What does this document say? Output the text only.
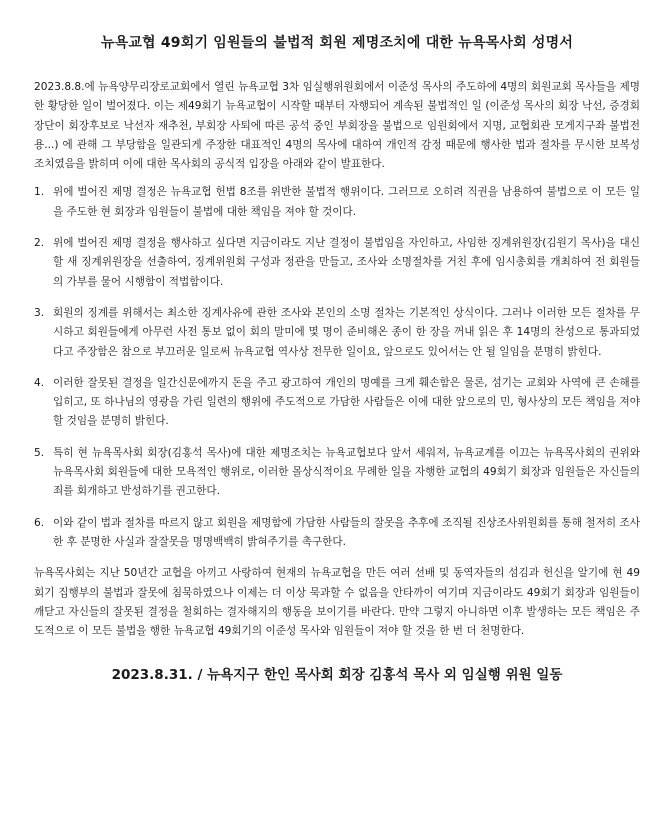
뉴욕교협 49회기 임원들의 불법적 회원 제명조치에 대한 뉴욕목사회 성명서

2023.8.8.에 뉴욕양무리장로교회에서 열린 뉴욕교협 3차 임실행위원회에서 이준성 목사의 주도하에 4명의 회원교회 목사들을 제명한 황당한 일이 벌어졌다. 이는 제49회기 뉴욕교협이 시작할 때부터 자행되어 계속된 불법적인 일 (이준성 목사의 회장 낙선, 증경회장단이 회장후보로 낙선자 재추천, 부회장 사퇴에 따른 공석 중인 부회장을 불법으로 임원회에서 지명, 교협회관 모게지구좌 불법전용...) 에 관해 그 부당함을 일관되게 주장한 대표적인 4명의 목사에 대하여 개인적 감정 때문에 행사한 법과 절차를 무시한 보복성 조치였음을 밝히며 이에 대한 목사회의 공식적 입장을 아래와 같이 발표한다.

1. 위에 벌어진 제명 결정은 뉴욕교협 헌법 8조를 위반한 불법적 행위이다. 그러므로 오히려 직권을 남용하여 불법으로 이 모든 일을 주도한 현 회장과 임원들이 불법에 대한 책임을 져야 할 것이다.
2. 위에 벌어진 제명 결정을 행사하고 싶다면 지금이라도 지난 결정이 불법임을 자인하고, 사임한 징계위원장(김원기 목사)을 대신할 새 징계위원장을 선출하여, 징계위원회 구성과 정관을 만들고, 조사와 소명절차를 거친 후에 임시총회를 개최하여 전 회원들의 가부를 물어 시행함이 적법함이다.
3. 회원의 징계를 위해서는 최소한 징계사유에 관한 조사와 본인의 소명 절차는 기본적인 상식이다. 그러나 이러한 모든 절차를 무시하고 회원들에게 아무런 사전 통보 없이 회의 말미에 몇 명이 준비해온 종이 한 장을 꺼내 읽은 후 14명의 찬성으로 통과되었다고 주장함은 참으로 부끄러운 일로써 뉴욕교협 역사상 전무한 일이요, 앞으로도 있어서는 안 될 일임을 분명히 밝힌다.
4. 이러한 잘못된 결정을 일간신문에까지 돈을 주고 광고하여 개인의 명예를 크게 훼손함은 물론, 섬기는 교회와 사역에 큰 손해를 입히고, 또 하나님의 영광을 가린 일련의 행위에 주도적으로 가담한 사람들은 이에 대한 앞으로의 민, 형사상의 모든 책임을 져야 할 것임을 분명히 밝힌다.
5. 특히 현 뉴욕목사회 회장(김홍석 목사)에 대한 제명조치는 뉴욕교협보다 앞서 세워져, 뉴욕교계를 이끄는 뉴욕목사회의 권위와 뉴욕목사회 회원들에 대한 모욕적인 행위로, 이러한 몰상식적이요 무례한 일을 자행한 교협의 49회기 회장과 임원들은 자신들의 죄를 회개하고 반성하기를 권고한다.
6. 이와 같이 법과 절차를 따르지 않고 회원을 제명함에 가담한 사람들의 잘못을 추후에 조직될 진상조사위원회를 통해 철저히 조사한 후 분명한 사실과 잘잘못을 명명백백히 밝혀주기를 촉구한다.

뉴욕목사회는 지난 50년간 교협을 아끼고 사랑하여 현재의 뉴욕교협을 만든 여러 선배 및 동역자들의 섬김과 헌신을 알기에 현 49회기 집행부의 불법과 잘못에 침묵하였으나 이제는 더 이상 묵과할 수 없음을 안타까이 여기며 지금이라도 49회기 회장과 임원들이 깨닫고 자신들의 잘못된 결정을 철회하는 결자해지의 행동을 보이기를 바란다. 만약 그렇지 아니하면 이후 발생하는 모든 책임은 주도적으로 이 모든 불법을 행한 뉴욕교협 49회기의 이준성 목사와 임원들이 져야 할 것을 한 번 더 천명한다.

2023.8.31. / 뉴욕지구 한인 목사회 회장 김홍석 목사 외 임실행 위원 일동
